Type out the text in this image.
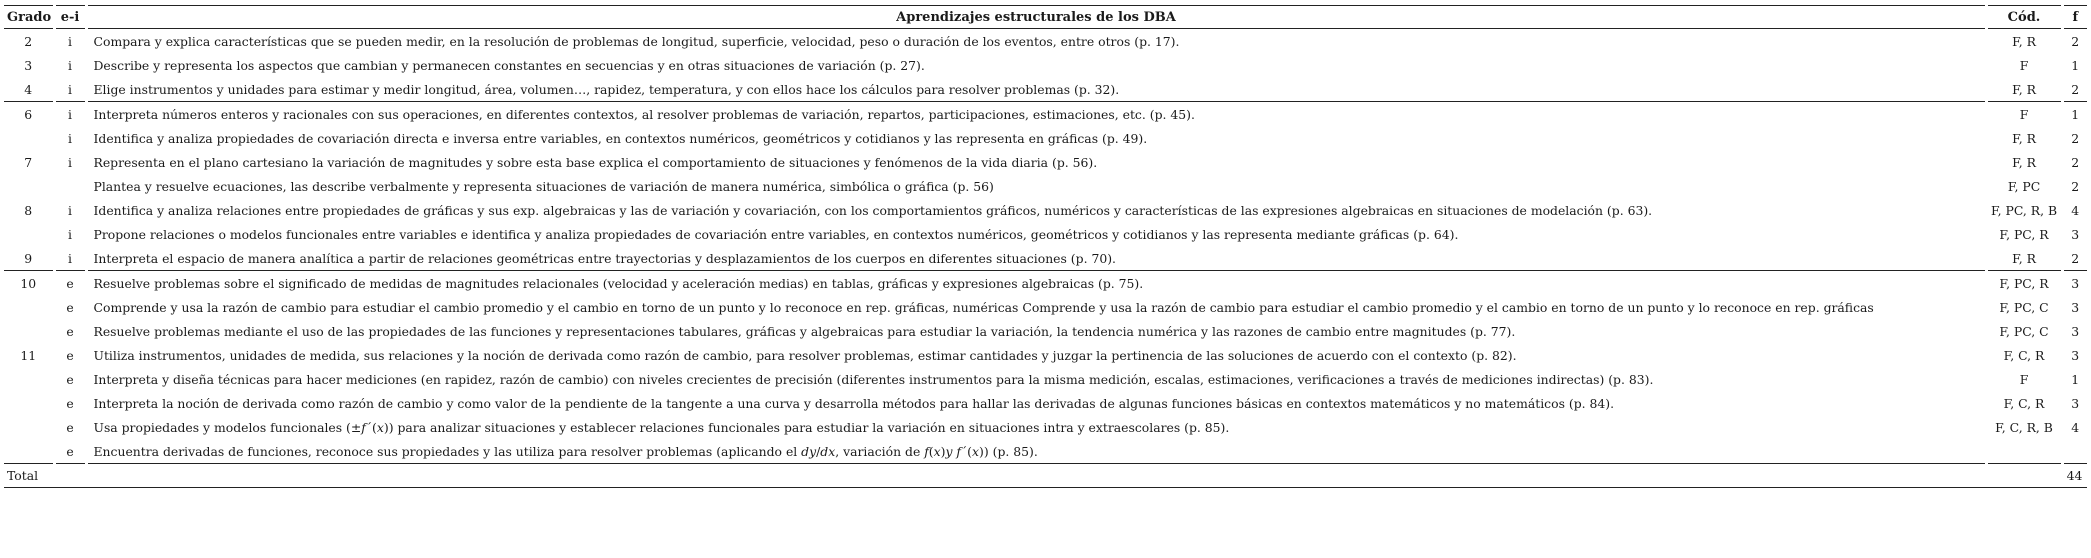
Grado	e-i	Aprendizajes estructurales de los DBA	Cód.	f
2	i	Compara y explica características que se pueden medir, en la resolución de problemas de longitud, superficie, velocidad, peso o duración de los eventos, entre otros (p. 17).	F, R	2
3	i	Describe y representa los aspectos que cambian y permanecen constantes en secuencias y en otras situaciones de variación (p. 27).	F	1
4	i	Elige instrumentos y unidades para estimar y medir longitud, área, volumen…, rapidez, temperatura, y con ellos hace los cálculos para resolver problemas (p. 32).	F, R	2
6	i	Interpreta números enteros y racionales con sus operaciones, en diferentes contextos, al resolver problemas de variación, repartos, participaciones, estimaciones, etc. (p. 45).	F	1
	i	Identifica y analiza propiedades de covariación directa e inversa entre variables, en contextos numéricos, geométricos y cotidianos y las representa en gráficas (p. 49).	F, R	2
7	i	Representa en el plano cartesiano la variación de magnitudes y sobre esta base explica el comportamiento de situaciones y fenómenos de la vida diaria (p. 56).	F, R	2
		Plantea y resuelve ecuaciones, las describe verbalmente y representa situaciones de variación de manera numérica, simbólica o gráfica (p. 56)	F, PC	2
8	i	Identifica y analiza relaciones entre propiedades de gráficas y sus exp. algebraicas y las de variación y covariación, con los comportamientos gráficos, numéricos y características de las expresiones algebraicas en situaciones de modelación (p. 63).	F, PC, R, B	4
	i	Propone relaciones o modelos funcionales entre variables e identifica y analiza propiedades de covariación entre variables, en contextos numéricos, geométricos y cotidianos y las representa mediante gráficas (p. 64).	F, PC, R	3
9	i	Interpreta el espacio de manera analítica a partir de relaciones geométricas entre trayectorias y desplazamientos de los cuerpos en diferentes situaciones (p. 70).	F, R	2
10	e	Resuelve problemas sobre el significado de medidas de magnitudes relacionales (velocidad y aceleración medias) en tablas, gráficas y expresiones algebraicas (p. 75).	F, PC, R	3
	e	Comprende y usa la razón de cambio para estudiar el cambio promedio y el cambio en torno de un punto y lo reconoce en rep. gráficas, numéricas Comprende y usa la razón de cambio para estudiar el cambio promedio y el cambio en torno de un punto y lo reconoce en rep. gráficas	F, PC, C	3
	e	Resuelve problemas mediante el uso de las propiedades de las funciones y representaciones tabulares, gráficas y algebraicas para estudiar la variación, la tendencia numérica y las razones de cambio entre magnitudes (p. 77).	F, PC, C	3
11	e	Utiliza instrumentos, unidades de medida, sus relaciones y la noción de derivada como razón de cambio, para resolver problemas, estimar cantidades y juzgar la pertinencia de las soluciones de acuerdo con el contexto (p. 82).	F, C, R	3
	e	Interpreta y diseña técnicas para hacer mediciones (en rapidez, razón de cambio) con niveles crecientes de precisión (diferentes instrumentos para la misma medición, escalas, estimaciones, verificaciones a través de mediciones indirectas) (p. 83).	F	1
	e	Interpreta la noción de derivada como razón de cambio y como valor de la pendiente de la tangente a una curva y desarrolla métodos para hallar las derivadas de algunas funciones básicas en contextos matemáticos y no matemáticos (p. 84).	F, C, R	3
	e	Usa propiedades y modelos funcionales (±𝑓´(𝑥)) para analizar situaciones y establecer relaciones funcionales para estudiar la variación en situaciones intra y extraescolares (p. 85).	F, C, R, B	4
	e	Encuentra derivadas de funciones, reconoce sus propiedades y las utiliza para resolver problemas (aplicando el 𝑑𝑦/𝑑𝑥, variación de 𝑓(𝑥)𝑦 𝑓´(𝑥)) (p. 85).		
Total				44
